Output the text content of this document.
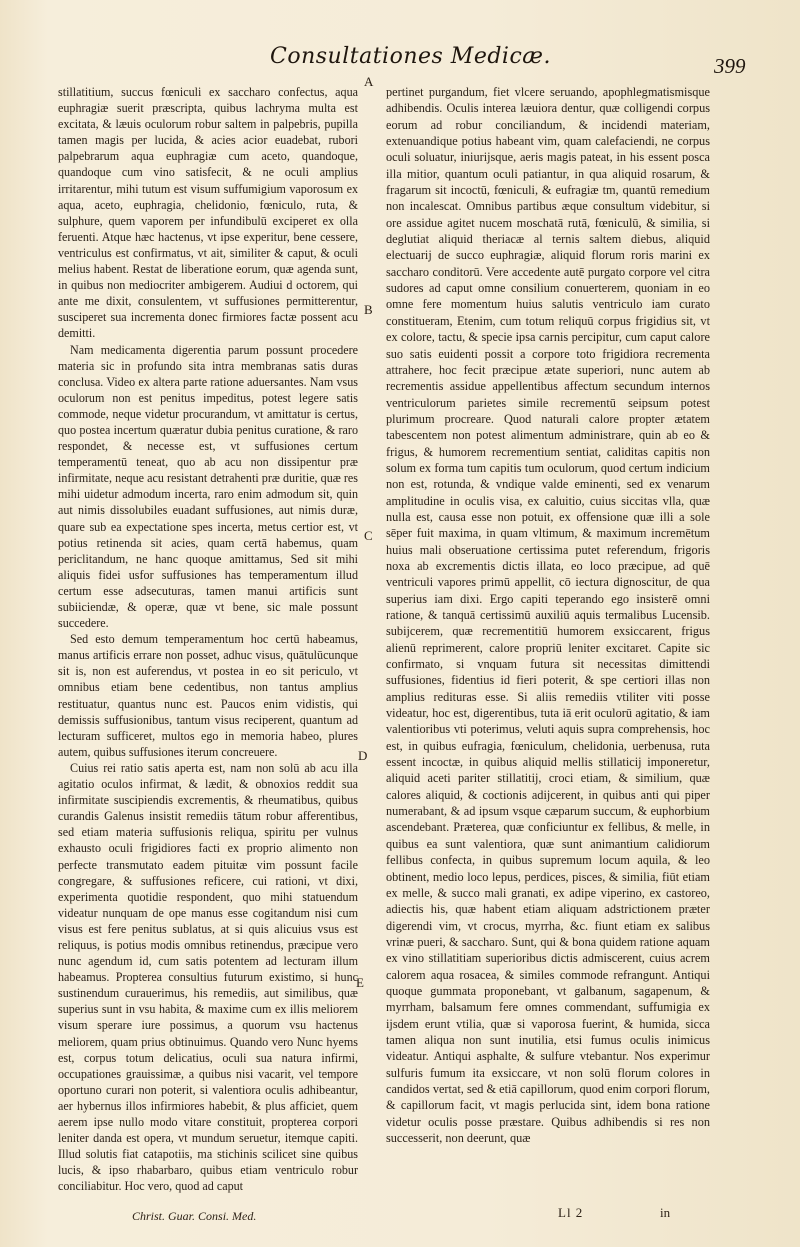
Consultationes Medicæ.	399

stillatitium, succus fœniculi ex saccharo confectus, aqua euphragiæ suerit præscripta, quibus lachryma multa est excitata, & læuis oculorum robur saltem in palpebris, pupilla tamen magis per lucida, & acies acior euadebat, rubori palpebrarum aqua euphragiæ cum aceto, quandoque, quandoque cum vino satisfecit, & ne oculi amplius irritarentur, mihi tutum est visum suffumigium vaporosum ex aqua, aceto, euphragia, chelidonio, fœniculo, ruta, & sulphure, quem vaporem per infundibulū exciperet ex olla feruenti. Atque hæc hactenus, vt ipse experitur, bene cessere, ventriculus est confirmatus, vt ait, similiter & caput, & oculi melius habent. Restat de liberatione eorum, quæ agenda sunt, in quibus non mediocriter ambigerem. Audiui d octorem, qui ante me dixit, consulentem, vt suffusiones permitterentur, susciperet sua incrementa donec firmiores factæ possent acu demitti.

Nam medicamenta digerentia parum possunt procedere materia sic in profundo sita intra membranas satis duras conclusa. Video ex altera parte ratione aduersantes. Nam vsus oculorum non est penitus impeditus, potest legere satis commode, neque videtur procurandum, vt amittatur is certus, quo postea incertum quæratur dubia penitus curatione, & raro respondet, & necesse est, vt suffusiones certum temperamentū teneat, quo ab acu non dissipentur præ infirmitate, neque acu resistant detrahenti præ duritie, quæ res mihi uidetur admodum incerta, raro enim admodum sit, quin aut nimis dissolubiles euadant suffusiones, aut nimis duræ, quare sub ea expectatione spes incerta, metus certior est, vt potius retinenda sit acies, quam certā habemus, quam periclitandum, ne hanc quoque amittamus, Sed sit mihi aliquis fidei usfor suffusiones has temperamentum illud certum esse adsecuturas, tamen manui artificis sunt subiiciendæ, & operæ, quæ vt bene, sic male possunt succedere.

Sed esto demum temperamentum hoc certū habeamus, manus artificis errare non posset, adhuc visus, quātulūcunque sit is, non est auferendus, vt postea in eo sit periculo, vt omnibus etiam bene cedentibus, non tantus amplius restituatur, quantus nunc est. Paucos enim vidistis, qui demissis suffusionibus, tantum visus reciperent, quantum ad lecturam sufficeret, multos ego in memoria habeo, plures autem, quibus suffusiones iterum concreuere.

Cuius rei ratio satis aperta est, nam non solū ab acu illa agitatio oculos infirmat, & lædit, & obnoxios reddit sua infirmitate suscipiendis excrementis, & rheumatibus, quibus curandis Galenus insistit remediis tātum robur afferentibus, sed etiam materia suffusionis reliqua, spiritu per vulnus exhausto oculi frigidiores facti ex proprio alimento non perfecte transmutato eadem pituitæ vim possunt facile congregare, & suffusiones reficere, cui rationi, vt dixi, experimenta quotidie respondent, quo mihi statuendum videatur nunquam de ope manus esse cogitandum nisi cum visus est fere penitus sublatus, at si quis alicuius vsus est reliquus, is potius modis omnibus retinendus, præcipue vero nunc agendum id, cum satis potentem ad lecturam illum habeamus. Propterea consultius futurum existimo, si hunc sustinendum curauerimus, his remediis, aut similibus, quæ superius sunt in vsu habita, & maxime cum ex illis meliorem visum sperare iure possimus, a quorum vsu hactenus meliorem, quam prius obtinuimus. Quando vero Nunc hyems est, corpus totum delicatius, oculi sua natura infirmi, occupationes grauissimæ, a quibus nisi vacarit, vel tempore oportuno curari non poterit, si valentiora oculis adhibeantur, aer hybernus illos infirmiores habebit, & plus afficiet, quem aerem ipse nullo modo vitare constituit, propterea corpori leniter danda est opera, vt mundum seruetur, itemque capiti. Illud solutis fiat catapotiis, ma stichinis scilicet sine quibus lucis, & ipso rhabarbaro, quibus etiam ventriculo robur conciliabitur. Hoc vero, quod ad caput

A
B
C
D
E

pertinet purgandum, fiet vlcere seruando, apophlegmatismisque adhibendis. Oculis interea læuiora dentur, quæ colligendi corpus eorum ad robur conciliandum, & incidendi materiam, extenuandique potius habeant vim, quam calefaciendi, ne corpus oculi soluatur, iniurijsque, aeris magis pateat, in his essent posca illa mitior, quantum oculi patiantur, in qua aliquid rosarum, & fragarum sit incoctū, fœniculi, & eufragiæ tm, quantū remedium non incalescat. Omnibus partibus æque consultum videbitur, si ore assidue agitet nucem moschatā rutā, fœniculū, & similia, si deglutiat aliquid theriacæ al ternis saltem diebus, aliquid electuarij de succo euphragiæ, aliquid florum roris marini ex saccharo conditorū. Vere accedente autē purgato corpore vel citra sudores ad caput omne consilium conuerterem, quoniam in eo omne fere momentum huius salutis ventriculo iam curato constitueram, Etenim, cum totum reliquū corpus frigidius sit, vt ex colore, tactu, & specie ipsa carnis percipitur, cum caput calore suo satis euidenti possit a corpore toto frigidiora recrementa attrahere, hoc fecit præcipue ætate superiori, nunc autem ab recrementis assidue appellentibus affectum secundum internos ventriculorum parietes simile recrementū seipsum potest plurimum procreare. Quod naturali calore propter ætatem tabescentem non potest alimentum administrare, quin ab eo & frigus, & humorem recrementium sentiat, caliditas capitis non solum ex forma tum capitis tum oculorum, quod certum indicium non est, rotunda, & vndique valde eminenti, sed ex venarum amplitudine in oculis visa, ex caluitio, cuius siccitas vlla, quæ nulla est, causa esse non potuit, ex offensione quæ illi a sole sēper fuit maxima, in quam vltimum, & maximum incremētum huius mali obseruatione certissima putet referendum, frigoris noxa ab excrementis dictis illata, eo loco præcipue, ad quē ventriculi vapores primū appellit, cō iectura dignoscitur, de qua superius iam dixi. Ergo capiti teperando ego insisterē omni ratione, & tanquā certissimū auxiliū aquis termalibus Lucensib. subijcerem, quæ recrementitiū humorem exsiccarent, frigus alienū reprimerent, calore propriū leniter excitaret. Capite sic confirmato, si vnquam futura sit necessitas dimittendi suffusiones, fidentius id fieri poterit, & spe certiori illas non amplius redituras esse. Si aliis remediis vtiliter viti posse videatur, hoc est, digerentibus, tuta iā erit oculorū agitatio, & iam valentioribus vti poterimus, veluti aquis supra comprehensis, hoc est, in quibus eufragia, fœniculum, chelidonia, uerbenusa, ruta essent incoctæ, in quibus aliquid mellis stillaticij imponeretur, aliquid aceti pariter stillatitij, croci etiam, & similium, quæ calores aliquid, & coctionis adijcerent, in quibus anti qui piper numerabant, & ad ipsum vsque cæparum succum, & euphorbium ascendebant. Præterea, quæ conficiuntur ex fellibus, & melle, in quibus ea sunt valentiora, quæ sunt animantium calidiorum fellibus confecta, in quibus supremum locum aquila, & leo obtinent, medio loco lepus, perdices, pisces, & similia, fiūt etiam ex melle, & succo mali granati, ex adipe viperino, ex castoreo, adiectis his, quæ habent etiam aliquam adstrictionem præter digerendi vim, vt crocus, myrrha, &c. fiunt etiam ex salibus vrinæ pueri, & saccharo. Sunt, qui & bona quidem ratione aquam ex vino stillatitiam superioribus dictis admiscerent, cuius acrem calorem aqua rosacea, & similes commode refrangunt. Antiqui quoque gummata proponebant, vt galbanum, sagapenum, & myrrham, balsamum fere omnes commendant, suffumigia ex ijsdem erunt vtilia, quæ si vaporosa fuerint, & humida, sicca tamen aliqua non sunt inutilia, etsi fumus oculis inimicus videatur. Antiqui asphalte, & sulfure vtebantur. Nos experimur sulfuris fumum ita exsiccare, vt non solū florum colores in candidos vertat, sed & etiā capillorum, quod enim corpori florum, & capillorum facit, vt magis perlucida sint, idem bona ratione videtur oculis posse præstare. Quibus adhibendis si res non successerit, non deerunt, quæ

Christ. Guar. Consi. Med.	Ll 2	in
